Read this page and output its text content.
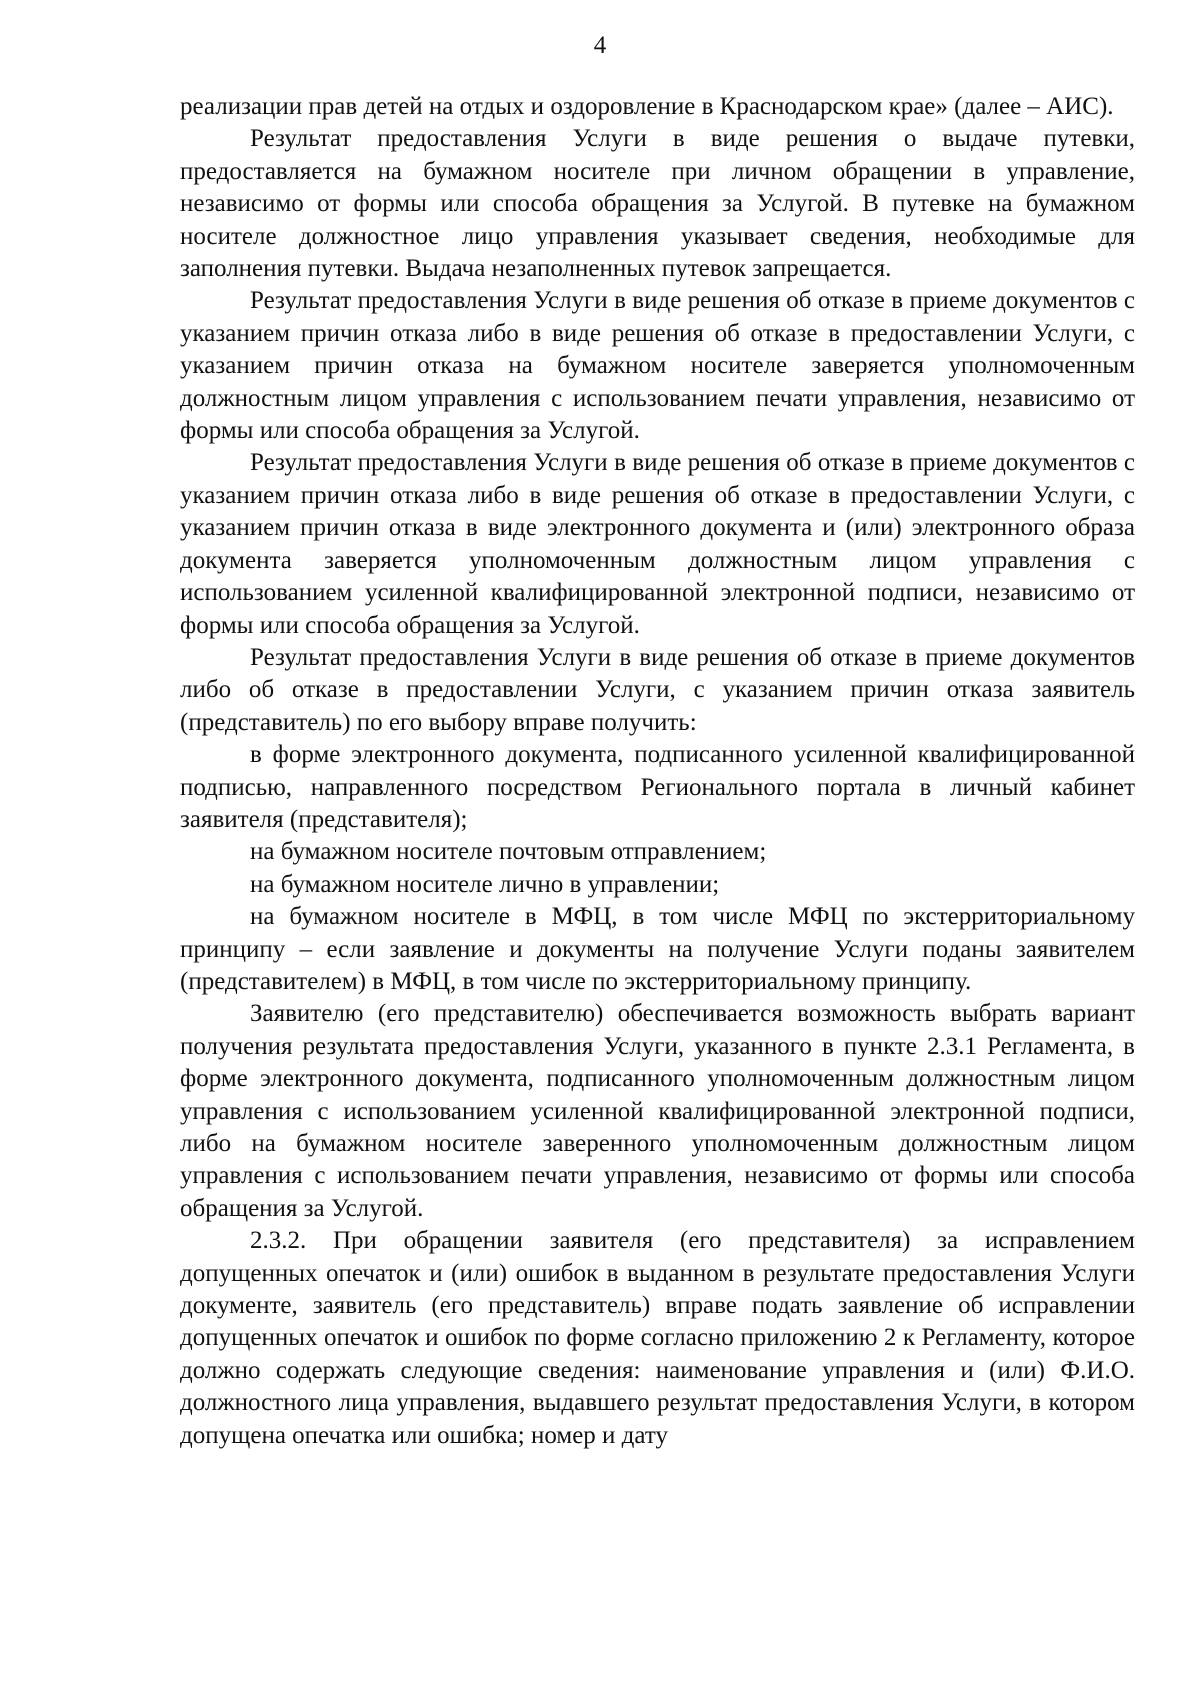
4

реализации прав детей на отдых и оздоровление в Краснодарском крае» (далее – АИС).

Результат предоставления Услуги в виде решения о выдаче путевки, предоставляется на бумажном носителе при личном обращении в управление, независимо от формы или способа обращения за Услугой. В путевке на бумажном носителе должностное лицо управления указывает сведения, необходимые для заполнения путевки. Выдача незаполненных путевок запрещается.

Результат предоставления Услуги в виде решения об отказе в приеме документов с указанием причин отказа либо в виде решения об отказе в предоставлении Услуги, с указанием причин отказа на бумажном носителе заверяется уполномоченным должностным лицом управления с использованием печати управления, независимо от формы или способа обращения за Услугой.

Результат предоставления Услуги в виде решения об отказе в приеме документов с указанием причин отказа либо в виде решения об отказе в предоставлении Услуги, с указанием причин отказа в виде электронного документа и (или) электронного образа документа заверяется уполномоченным должностным лицом управления с использованием усиленной квалифицированной электронной подписи, независимо от формы или способа обращения за Услугой.

Результат предоставления Услуги в виде решения об отказе в приеме документов либо об отказе в предоставлении Услуги, с указанием причин отказа заявитель (представитель) по его выбору вправе получить:

в форме электронного документа, подписанного усиленной квалифицированной подписью, направленного посредством Регионального портала в личный кабинет заявителя (представителя);

на бумажном носителе почтовым отправлением;

на бумажном носителе лично в управлении;

на бумажном носителе в МФЦ, в том числе МФЦ по экстерриториальному принципу – если заявление и документы на получение Услуги поданы заявителем (представителем) в МФЦ, в том числе по экстерриториальному принципу.

Заявителю (его представителю) обеспечивается возможность выбрать вариант получения результата предоставления Услуги, указанного в пункте 2.3.1 Регламента, в форме электронного документа, подписанного уполномоченным должностным лицом управления с использованием усиленной квалифицированной электронной подписи, либо на бумажном носителе заверенного уполномоченным должностным лицом управления с использованием печати управления, независимо от формы или способа обращения за Услугой.

2.3.2. При обращении заявителя (его представителя) за исправлением допущенных опечаток и (или) ошибок в выданном в результате предоставления Услуги документе, заявитель (его представитель) вправе подать заявление об исправлении допущенных опечаток и ошибок по форме согласно приложению 2 к Регламенту, которое должно содержать следующие сведения: наименование управления и (или) Ф.И.О. должностного лица управления, выдавшего результат предоставления Услуги, в котором допущена опечатка или ошибка; номер и дату
